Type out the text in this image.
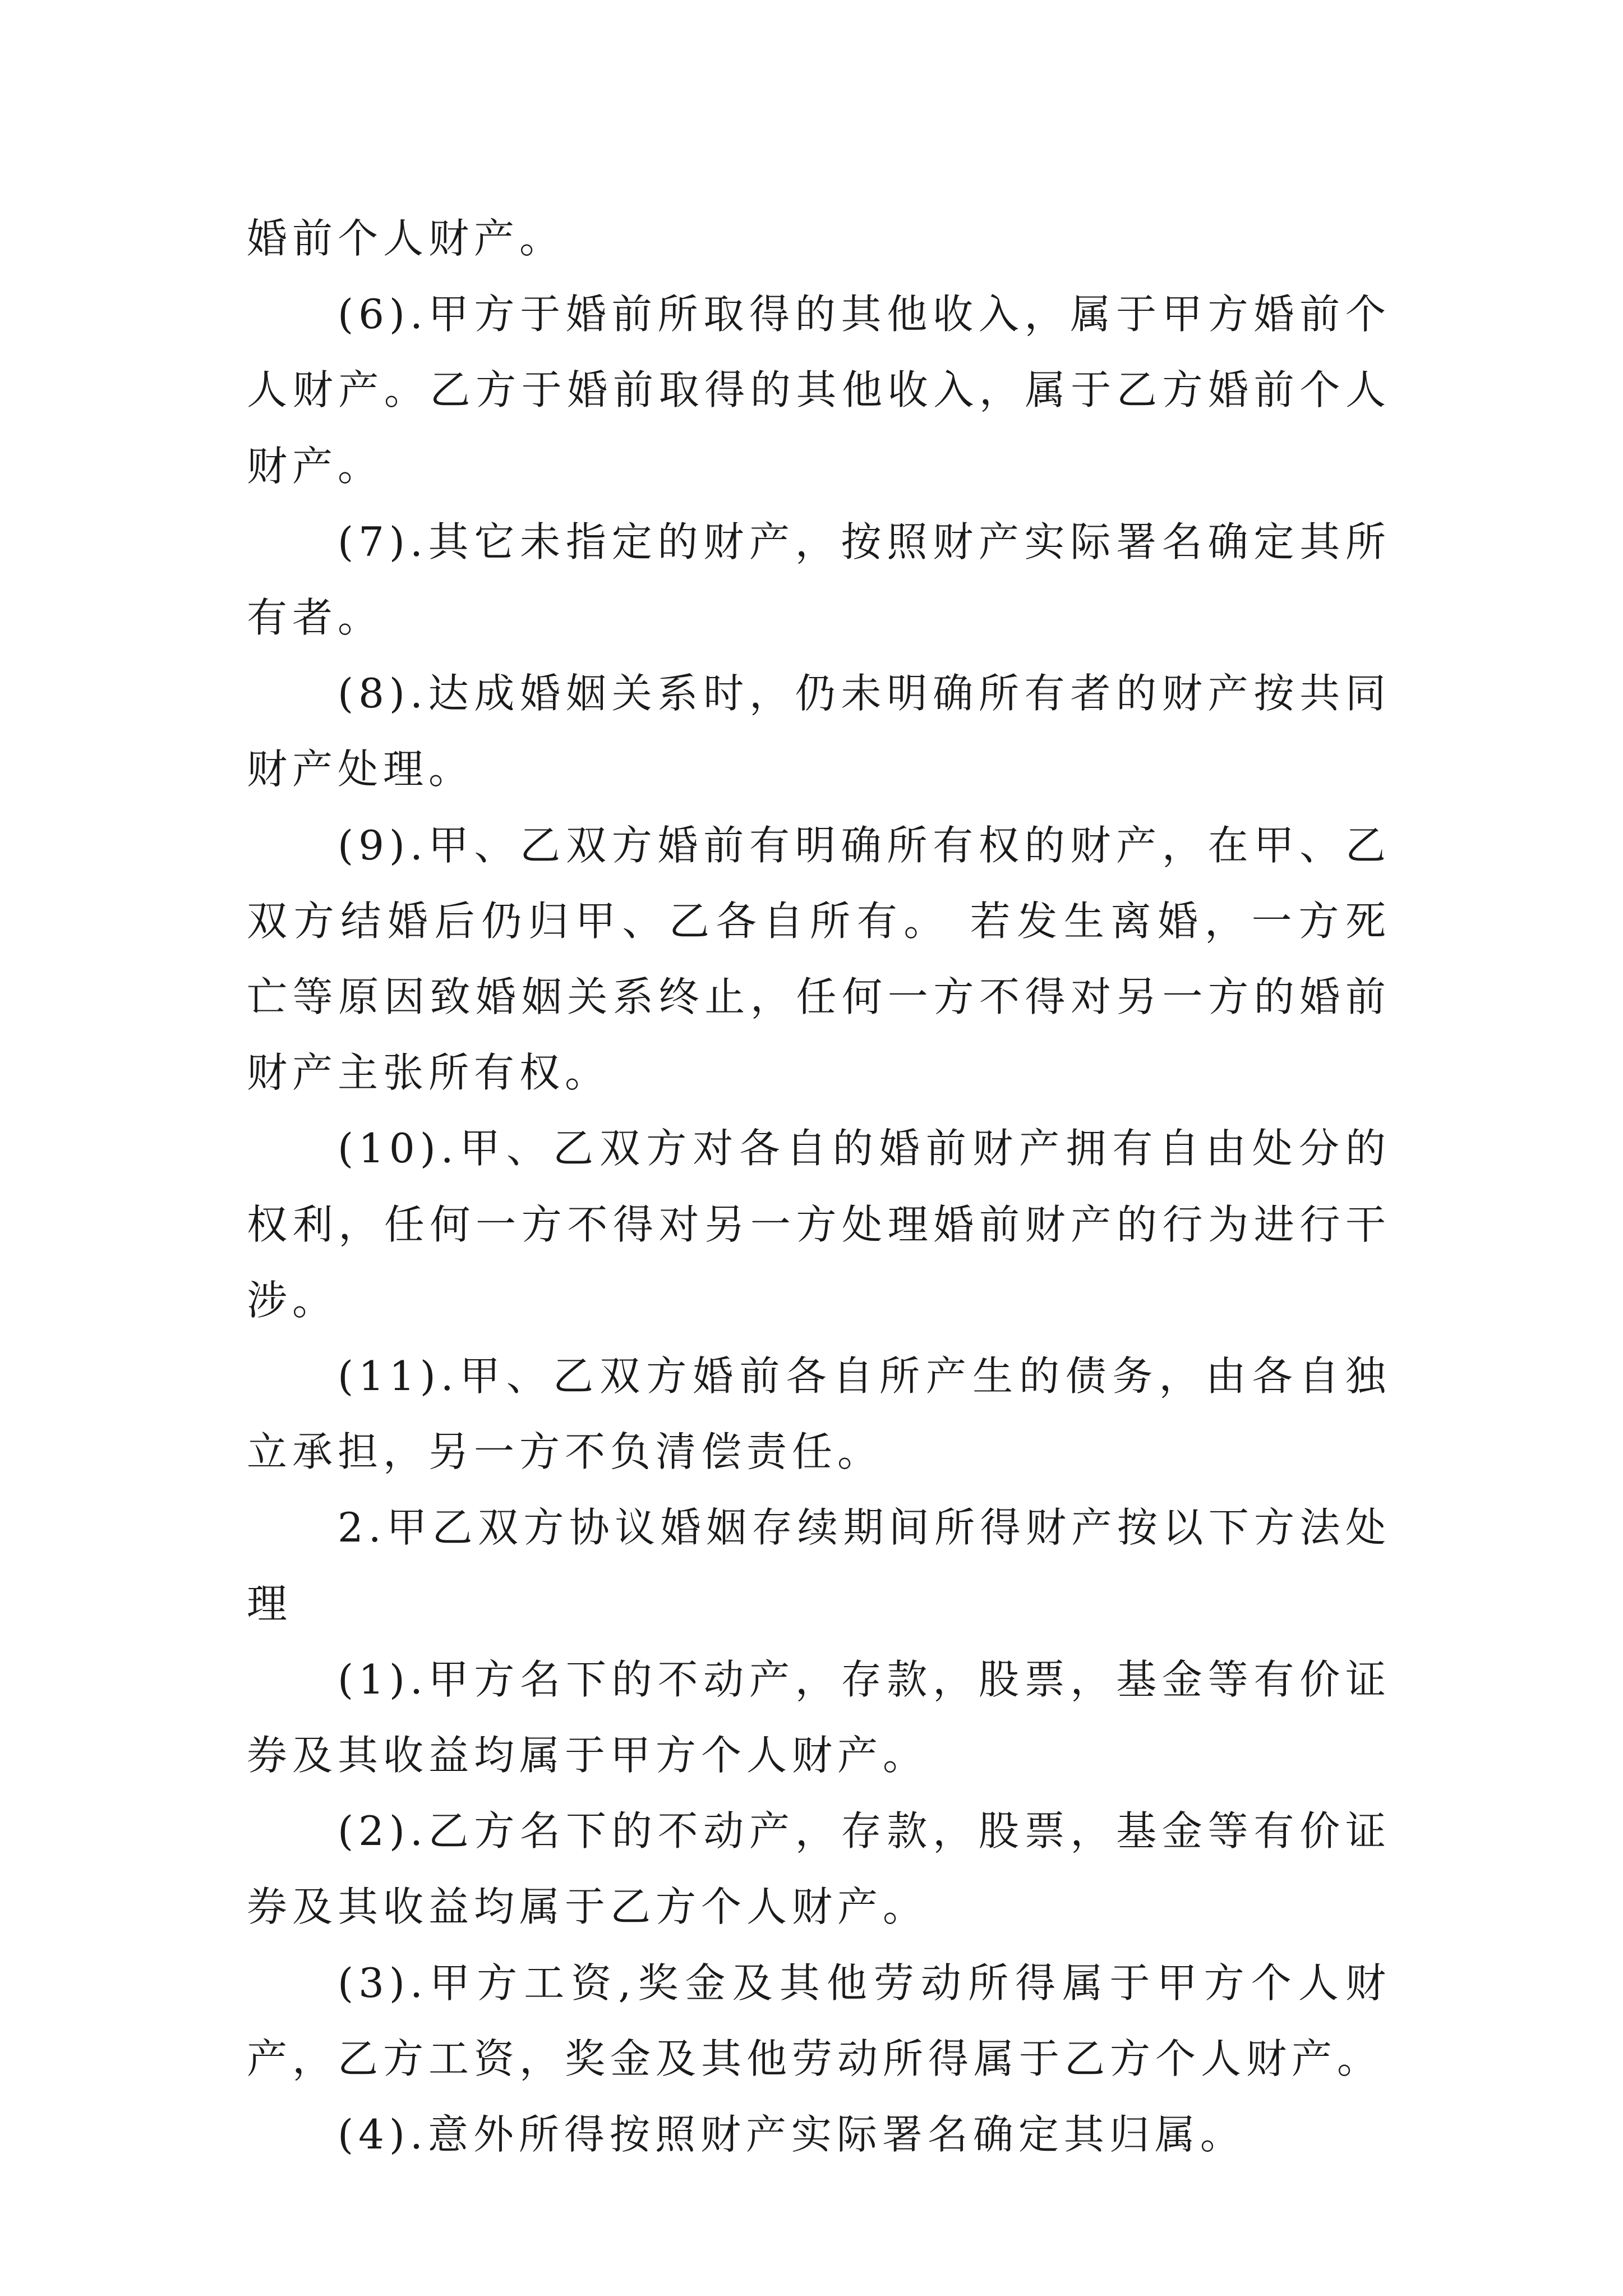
婚前个人财产。

(6).甲方于婚前所取得的其他收入，属于甲方婚前个人财产。乙方于婚前取得的其他收入，属于乙方婚前个人财产。

(7).其它未指定的财产，按照财产实际署名确定其所有者。

(8).达成婚姻关系时，仍未明确所有者的财产按共同财产处理。

(9).甲、乙双方婚前有明确所有权的财产，在甲、乙双方结婚后仍归甲、乙各自所有。 若发生离婚，一方死亡等原因致婚姻关系终止，任何一方不得对另一方的婚前财产主张所有权。

(10).甲、乙双方对各自的婚前财产拥有自由处分的权利，任何一方不得对另一方处理婚前财产的行为进行干涉。

(11).甲、乙双方婚前各自所产生的债务，由各自独立承担，另一方不负清偿责任。

2.甲乙双方协议婚姻存续期间所得财产按以下方法处理

(1).甲方名下的不动产，存款，股票，基金等有价证券及其收益均属于甲方个人财产。

(2).乙方名下的不动产，存款，股票，基金等有价证券及其收益均属于乙方个人财产。

(3).甲方工资,奖金及其他劳动所得属于甲方个人财产，乙方工资，奖金及其他劳动所得属于乙方个人财产。

(4).意外所得按照财产实际署名确定其归属。
